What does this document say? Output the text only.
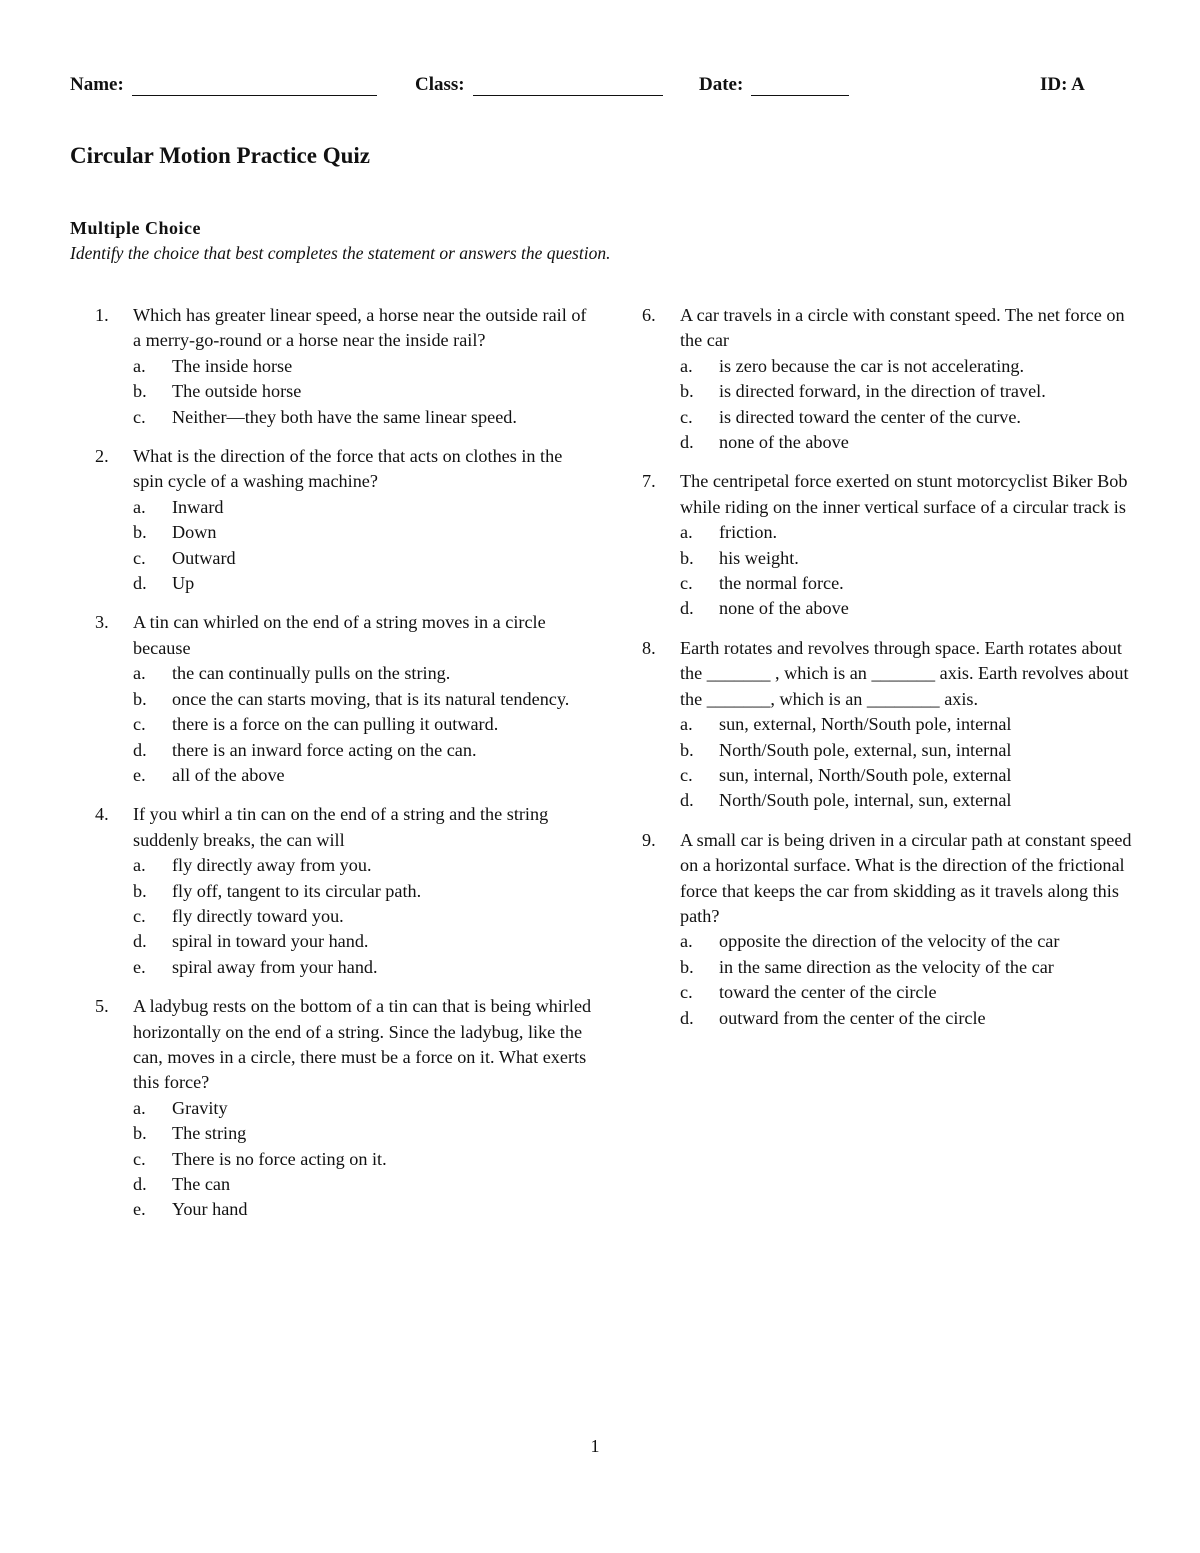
Name:	Class:	Date:	ID: A
Circular Motion Practice Quiz
Multiple Choice
Identify the choice that best completes the statement or answers the question.
1.	Which has greater linear speed, a horse near the outside rail of a merry-go-round or a horse near the inside rail?
a.	The inside horse
b.	The outside horse
c.	Neither—they both have the same linear speed.
2.	What is the direction of the force that acts on clothes in the spin cycle of a washing machine?
a.	Inward
b.	Down
c.	Outward
d.	Up
3.	A tin can whirled on the end of a string moves in a circle because
a.	the can continually pulls on the string.
b.	once the can starts moving, that is its natural tendency.
c.	there is a force on the can pulling it outward.
d.	there is an inward force acting on the can.
e.	all of the above
4.	If you whirl a tin can on the end of a string and the string suddenly breaks, the can will
a.	fly directly away from you.
b.	fly off, tangent to its circular path.
c.	fly directly toward you.
d.	spiral in toward your hand.
e.	spiral away from your hand.
5.	A ladybug rests on the bottom of a tin can that is being whirled horizontally on the end of a string. Since the ladybug, like the can, moves in a circle, there must be a force on it. What exerts this force?
a.	Gravity
b.	The string
c.	There is no force acting on it.
d.	The can
e.	Your hand
6.	A car travels in a circle with constant speed. The net force on the car
a.	is zero because the car is not accelerating.
b.	is directed forward, in the direction of travel.
c.	is directed toward the center of the curve.
d.	none of the above
7.	The centripetal force exerted on stunt motorcyclist Biker Bob while riding on the inner vertical surface of a circular track is
a.	friction.
b.	his weight.
c.	the normal force.
d.	none of the above
8.	Earth rotates and revolves through space. Earth rotates about the _______ , which is an _______ axis. Earth revolves about the _______, which is an ________ axis.
a.	sun, external, North/South pole, internal
b.	North/South pole, external, sun, internal
c.	sun, internal, North/South pole, external
d.	North/South pole, internal, sun, external
9.	A small car is being driven in a circular path at constant speed on a horizontal surface. What is the direction of the frictional force that keeps the car from skidding as it travels along this path?
a.	opposite the direction of the velocity of the car
b.	in the same direction as the velocity of the car
c.	toward the center of the circle
d.	outward from the center of the circle
1
